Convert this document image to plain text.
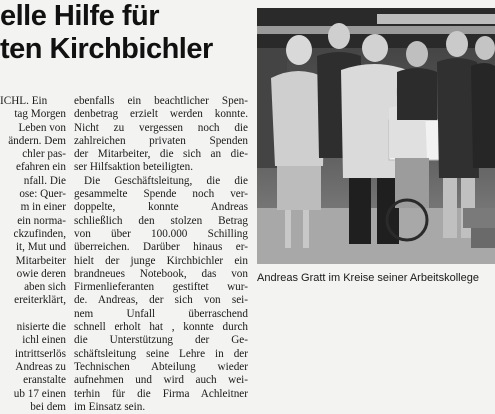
elle Hilfe für
ten Kirchbichler
ICHL. Ein
tag Morgen
Leben von
ändern. Dem
chler pas-
efahren ein
nfall. Die
ose: Quer-
m in einer
ein norma-
ckzufinden,
it, Mut und
Mitarbeiter
owie deren
aben sich
ereiterklärt,
nisierte die
ichl einen
intrittserlös
Andreas zu
eranstalte
ub 17 einen
bei dem
ebenfalls ein beachtlicher Spen-
denbetrag erzielt werden konnte.
Nicht zu vergessen noch die
zahlreichen privaten Spenden
der Mitarbeiter, die sich an die-
ser Hilfsaktion beteiligten.
Die Geschäftsleitung, die die
gesammelte Spende noch ver-
doppelte, konnte Andreas
schließlich den stolzen Betrag
von über 100.000 Schilling
überreichen. Darüber hinaus er-
hielt der junge Kirchbichler ein
brandneues Notebook, das von
Firmenlieferanten gestiftet wur-
de. Andreas, der sich von sei-
nem Unfall überraschend
schnell erholt hat , konnte durch
die Unterstützung der Ge-
schäftsleitung seine Lehre in der
Technischen Abteilung wieder
aufnehmen und wird auch wei-
terhin für die Firma Achleitner
im Einsatz sein.
Andreas Gratt im Kreise seiner Arbeitskollege
